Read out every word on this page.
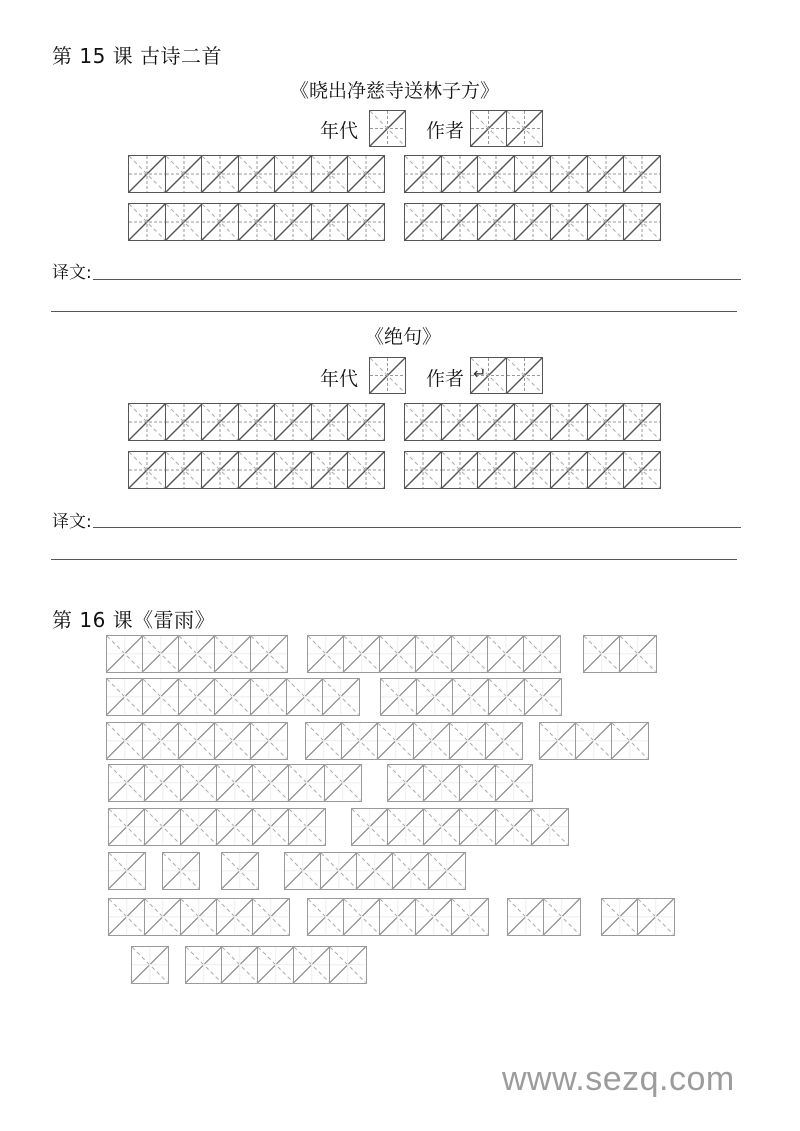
第 15 课 古诗二首
《晓出净慈寺送林子方》
年代	作者
译文:
《绝句》
年代	作者 ↵
译文:
第 16 课《雷雨》
www.sezq.com
